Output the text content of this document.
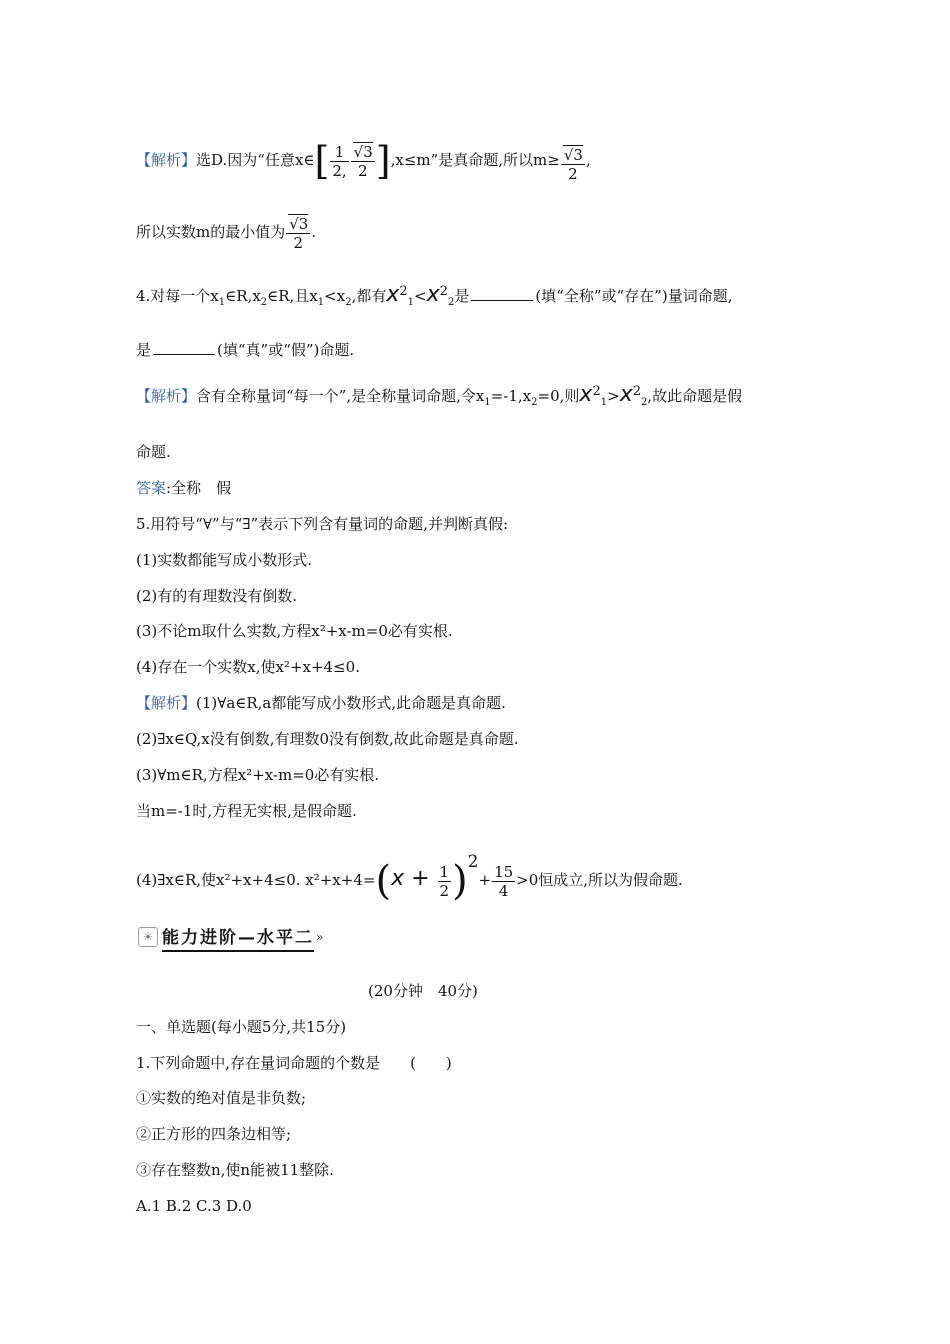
【解析】选D.因为“任意x∈[ $\frac{1}{2,} \frac{√3}{2} ],x\le m$”是真命题,所以$m\ge \frac{√3}{2}$ ,
所以实数m的最小值为 $\frac{√3}{2}$ .
4.对每一个$x_1\in R,x_2\in R$,且$x_1<x_2$,都有$x2_1<x2_2$是	(填“全称”或“存在”)量词命题,
是	(填“真”或“假”)命题.
【解析】含有全称量词“每一个”,是全称量词命题,令$x_1=-1,x_2=0$,则$x2_1>x2_2$,故此命题是假
命题.
答案:全称　假
5.用符号“∀”与“∃”表示下列含有量词的命题,并判断真假:
(1)实数都能写成小数形式.
(2)有的有理数没有倒数.
(3)不论m取什么实数,方程x²+x-m=0必有实根.
(4)存在一个实数x,使x²+x+4≤0.
【解析】(1)∀a∈R,a都能写成小数形式,此命题是真命题.
(2)∃x∈Q,x没有倒数,有理数0没有倒数,故此命题是真命题.
(3)∀m∈R,方程x²+x-m=0必有实根.
当m=-1时,方程无实根,是假命题.
(4)∃x∈R,使x²+x+4≤0. $x^2+x+4=(x + \frac{1}{2} )2+ \frac{15}{4} >0$恒成立,所以为假命题.
☀ 能力进阶—水平二 »
(20分钟　40分)
一、单选题(每小题5分,共15分)
1.下列命题中,存在量词命题的个数是　　(　　)
①实数的绝对值是非负数;
②正方形的四条边相等;
③存在整数n,使n能被11整除.
A.1 B.2 C.3 D.0
